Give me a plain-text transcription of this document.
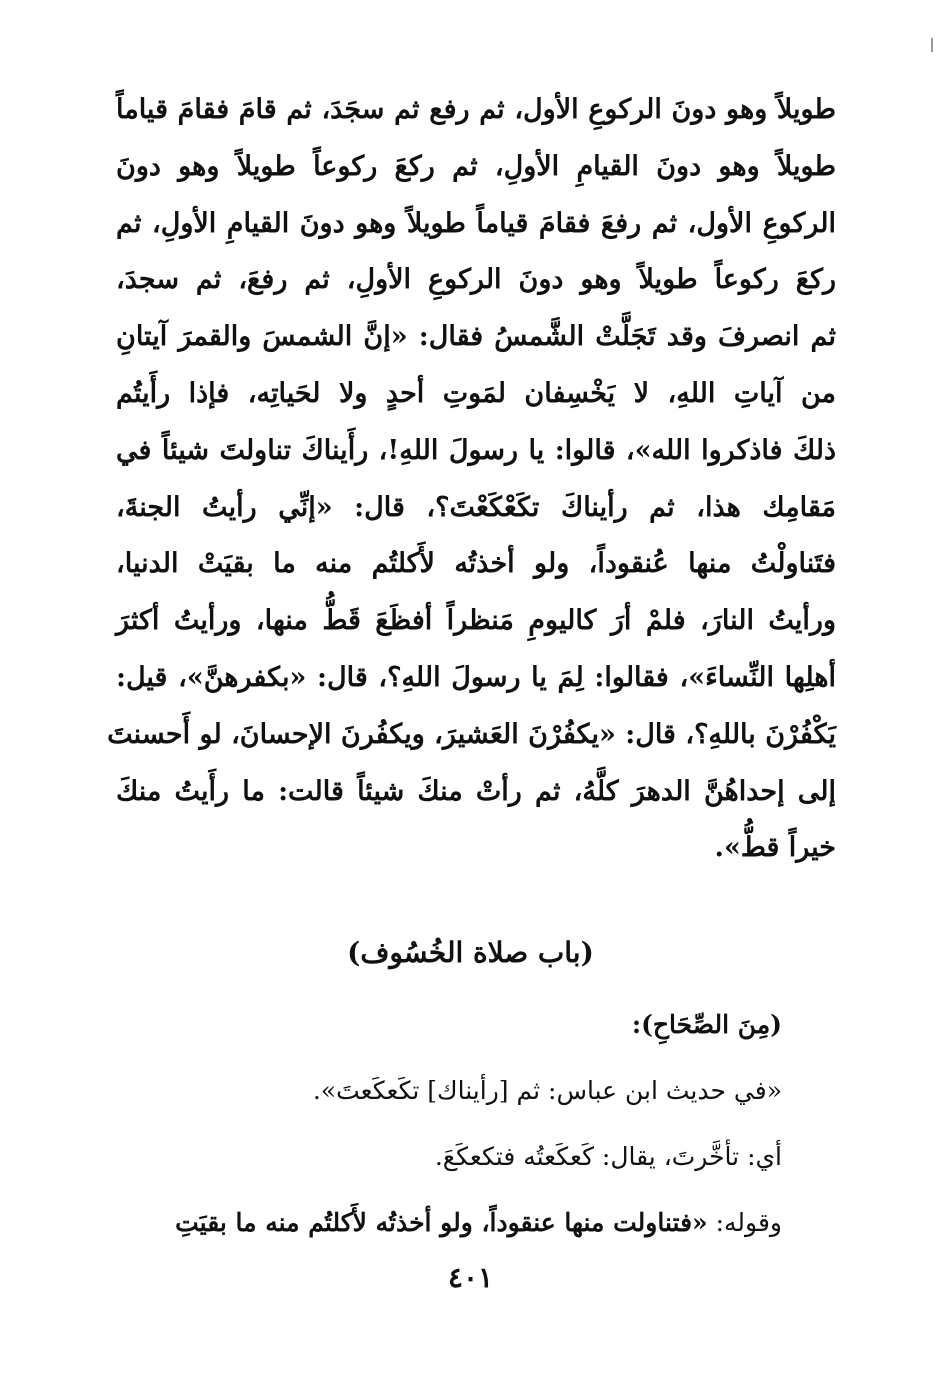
طويلاً وهو دونَ الركوعِ الأول، ثم رفع ثم سجَدَ، ثم قامَ فقامَ قياماً
طويلاً وهو دونَ القيامِ الأولِ، ثم ركعَ ركوعاً طويلاً وهو دونَ
الركوعِ الأول، ثم رفعَ فقامَ قياماً طويلاً وهو دونَ القيامِ الأولِ، ثم
ركعَ ركوعاً طويلاً وهو دونَ الركوعِ الأولِ، ثم رفعَ، ثم سجدَ،
ثم انصرفَ وقد تَجَلَّتْ الشَّمسُ فقال: «إنَّ الشمسَ والقمرَ آيتانِ
من آياتِ اللهِ، لا يَخْسِفان لمَوتِ أحدٍ ولا لحَياتِه، فإذا رأَيتُم
ذلكَ فاذكروا الله»، قالوا: يا رسولَ اللهِ!، رأَيناكَ تناولتَ شيئاً في
مَقامِك هذا، ثم رأيناكَ تكَعْكَعْتَ؟، قال: «إنِّي رأيتُ الجنةَ،
فتَناولْتُ منها عُنقوداً، ولو أخذتُه لأَكلتُم منه ما بقيَتْ الدنيا،
ورأيتُ النارَ، فلمْ أرَ كاليومِ مَنظراً أفظَعَ قَطُّ منها، ورأيتُ أكثرَ
أهلِها النِّساءَ»، فقالوا: لِمَ يا رسولَ اللهِ؟، قال: «بكفرهنَّ»، قيل:
يَكْفُرْنَ باللهِ؟، قال: «يكفُرْنَ العَشيرَ، ويكفُرنَ الإحسانَ، لو أَحسنتَ
إلى إحداهُنَّ الدهرَ كلَّهُ، ثم رأتْ منكَ شيئاً قالت: ما رأَيتُ منكَ
خيراً قطُّ».
(باب صلاة الخُسُوف)
(مِنَ الصِّحَاحِ):
«في حديث ابن عباس: ثم [رأيناك] تكَعكَعتَ».
أي: تأخَّرتَ، يقال: كَعكَعتُه فتكعكَعَ.
وقوله: «فتناولت منها عنقوداً، ولو أخذتُه لأَكلتُم منه ما بقيَتِ
٤٠١
